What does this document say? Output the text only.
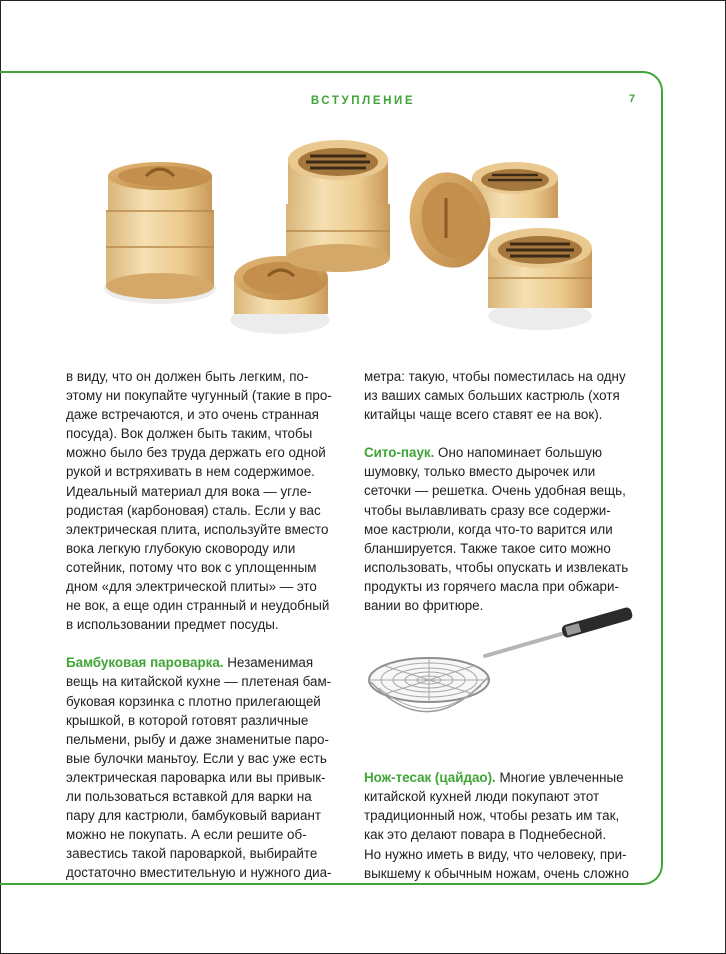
ВСТУПЛЕНИЕ	7

в виду, что он должен быть легким, по-
этому ни покупайте чугунный (такие в про-
даже встречаются, и это очень странная
посуда). Вок должен быть таким, чтобы
можно было без труда держать его одной
рукой и встряхивать в нем содержимое.
Идеальный материал для вока — угле-
родистая (карбоновая) сталь. Если у вас
электрическая плита, используйте вместо
вока легкую глубокую сковороду или
сотейник, потому что вок с уплощенным
дном «для электрической плиты» — это
не вок, а еще один странный и неудобный
в использовании предмет посуды.

Бамбуковая пароварка. Незаменимая
вещь на китайской кухне — плетеная бам-
буковая корзинка с плотно прилегающей
крышкой, в которой готовят различные
пельмени, рыбу и даже знаменитые паро-
вые булочки маньтоу. Если у вас уже есть
электрическая пароварка или вы привык-
ли пользоваться вставкой для варки на
пару для кастрюли, бамбуковый вариант
можно не покупать. А если решите об-
завестись такой пароваркой, выбирайте
достаточно вместительную и нужного диа-

метра: такую, чтобы поместилась на одну
из ваших самых больших кастрюль (хотя
китайцы чаще всего ставят ее на вок).

Сито-паук. Оно напоминает большую
шумовку, только вместо дырочек или
сеточки — решетка. Очень удобная вещь,
чтобы вылавливать сразу все содержи-
мое кастрюли, когда что-то варится или
бланшируется. Также такое сито можно
использовать, чтобы опускать и извлекать
продукты из горячего масла при обжари-
вании во фритюре.

Нож-тесак (цайдао). Многие увлеченные
китайской кухней люди покупают этот
традиционный нож, чтобы резать им так,
как это делают повара в Поднебесной.
Но нужно иметь в виду, что человеку, при-
выкшему к обычным ножам, очень сложно
